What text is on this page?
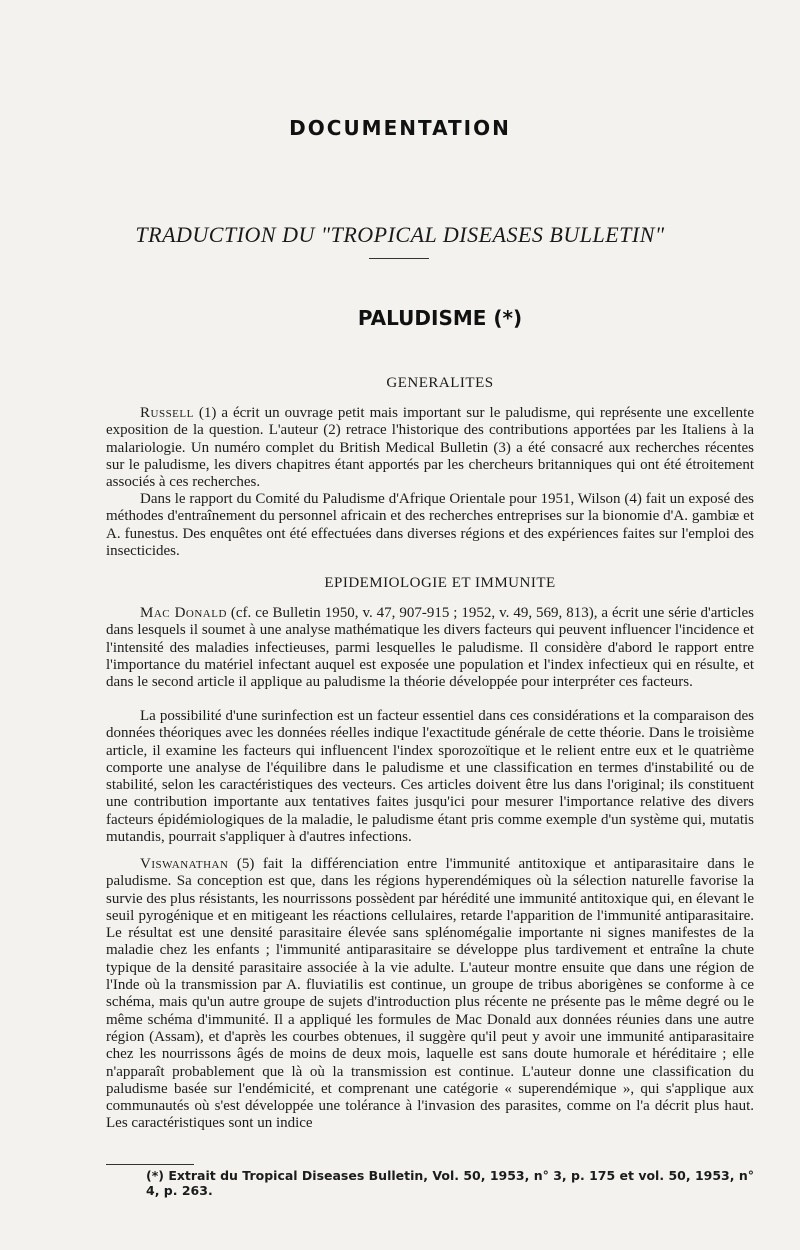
DOCUMENTATION
TRADUCTION DU "TROPICAL DISEASES BULLETIN"
PALUDISME (*)
GENERALITES

Russell (1) a écrit un ouvrage petit mais important sur le paludisme, qui représente une excellente exposition de la question. L'auteur (2) retrace l'historique des contributions apportées par les Italiens à la malariologie. Un numéro complet du British Medical Bulletin (3) a été consacré aux recherches récentes sur le paludisme, les divers chapitres étant apportés par les chercheurs britanniques qui ont été étroitement associés à ces recherches.

Dans le rapport du Comité du Paludisme d'Afrique Orientale pour 1951, Wilson (4) fait un exposé des méthodes d'entraînement du personnel africain et des recherches entreprises sur la bionomie d'A. gambiæ et A. funestus. Des enquêtes ont été effectuées dans diverses régions et des expériences faites sur l'emploi des insecticides.

EPIDEMIOLOGIE ET IMMUNITE

Mac Donald (cf. ce Bulletin 1950, v. 47, 907-915 ; 1952, v. 49, 569, 813), a écrit une série d'articles dans lesquels il soumet à une analyse mathématique les divers facteurs qui peuvent influencer l'incidence et l'intensité des maladies infectieuses, parmi lesquelles le paludisme. Il considère d'abord le rapport entre l'importance du matériel infectant auquel est exposée une population et l'index infectieux qui en résulte, et dans le second article il applique au paludisme la théorie développée pour interpréter ces facteurs.

La possibilité d'une surinfection est un facteur essentiel dans ces considérations et la comparaison des données théoriques avec les données réelles indique l'exactitude générale de cette théorie. Dans le troisième article, il examine les facteurs qui influencent l'index sporozoïtique et le relient entre eux et le quatrième comporte une analyse de l'équilibre dans le paludisme et une classification en termes d'instabilité ou de stabilité, selon les caractéristiques des vecteurs. Ces articles doivent être lus dans l'original; ils constituent une contribution importante aux tentatives faites jusqu'ici pour mesurer l'importance relative des divers facteurs épidémiologiques de la maladie, le paludisme étant pris comme exemple d'un système qui, mutatis mutandis, pourrait s'appliquer à d'autres infections.

Viswanathan (5) fait la différenciation entre l'immunité antitoxique et antiparasitaire dans le paludisme. Sa conception est que, dans les régions hyperendémiques où la sélection naturelle favorise la survie des plus résistants, les nourrissons possèdent par hérédité une immunité antitoxique qui, en élevant le seuil pyrogénique et en mitigeant les réactions cellulaires, retarde l'apparition de l'immunité antiparasitaire. Le résultat est une densité parasitaire élevée sans splénomégalie importante ni signes manifestes de la maladie chez les enfants ; l'immunité antiparasitaire se développe plus tardivement et entraîne la chute typique de la densité parasitaire associée à la vie adulte. L'auteur montre ensuite que dans une région de l'Inde où la transmission par A. fluviatilis est continue, un groupe de tribus aborigènes se conforme à ce schéma, mais qu'un autre groupe de sujets d'introduction plus récente ne présente pas le même degré ou le même schéma d'immunité. Il a appliqué les formules de Mac Donald aux données réunies dans une autre région (Assam), et d'après les courbes obtenues, il suggère qu'il peut y avoir une immunité antiparasitaire chez les nourrissons âgés de moins de deux mois, laquelle est sans doute humorale et héréditaire ; elle n'apparaît probablement que là où la transmission est continue. L'auteur donne une classification du paludisme basée sur l'endémicité, et comprenant une catégorie « superendémique », qui s'applique aux communautés où s'est développée une tolérance à l'invasion des parasites, comme on l'a décrit plus haut. Les caractéristiques sont un indice

(*) Extrait du Tropical Diseases Bulletin, Vol. 50, 1953, n° 3, p. 175 et vol. 50, 1953, n° 4, p. 263.
